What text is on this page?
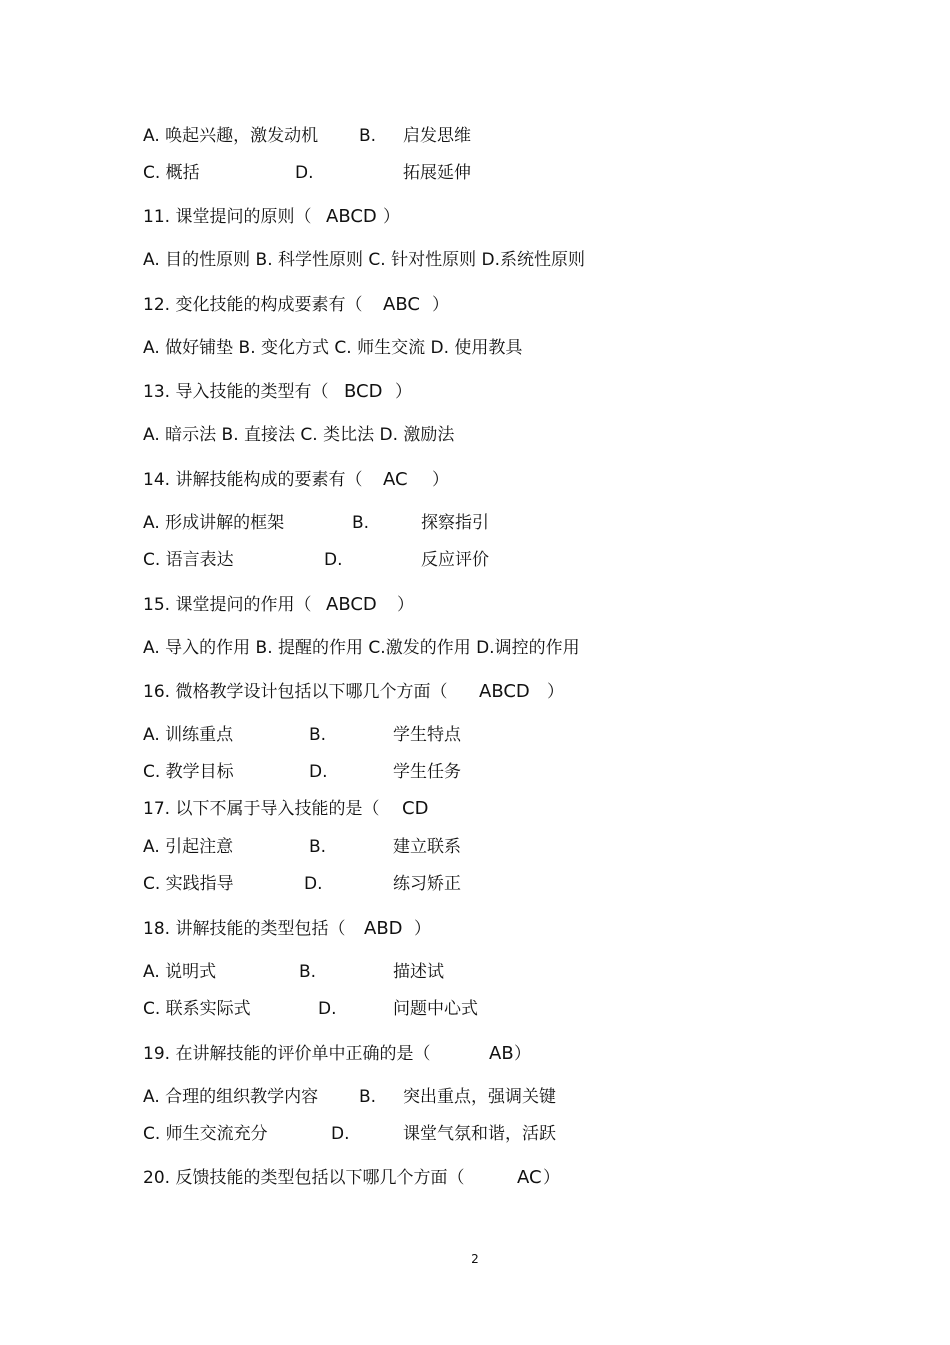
A. 唤起兴趣，激发动机 B. 启发思维
C. 概括	D.	拓展延伸
11. 课堂提问的原则（ ABCD ）
A. 目的性原则 B. 科学性原则 C. 针对性原则 D.系统性原则
12. 变化技能的构成要素有（ ABC ）
A. 做好铺垫 B. 变化方式 C. 师生交流 D. 使用教具
13. 导入技能的类型有（ BCD ）
A. 暗示法 B. 直接法 C. 类比法 D. 激励法
14. 讲解技能构成的要素有（ AC ）
A. 形成讲解的框架	B.	探察指引
C. 语言表达	D.	反应评价
15. 课堂提问的作用（ ABCD ）
A. 导入的作用 B. 提醒的作用 C.激发的作用 D.调控的作用
16. 微格教学设计包括以下哪几个方面（ ABCD ）
A. 训练重点	B.	学生特点
C. 教学目标	D.	学生任务
17. 以下不属于导入技能的是（ CD
A. 引起注意	B.	建立联系
C. 实践指导	D.	练习矫正
18. 讲解技能的类型包括（ ABD ）
A. 说明式	B.	描述试
C. 联系实际式	D.	问题中心式
19. 在讲解技能的评价单中正确的是（	AB ）
A. 合理的组织教学内容 B. 突出重点，强调关键
C. 师生交流充分	D.	课堂气氛和谐，活跃
20. 反馈技能的类型包括以下哪几个方面（	AC ）
2
